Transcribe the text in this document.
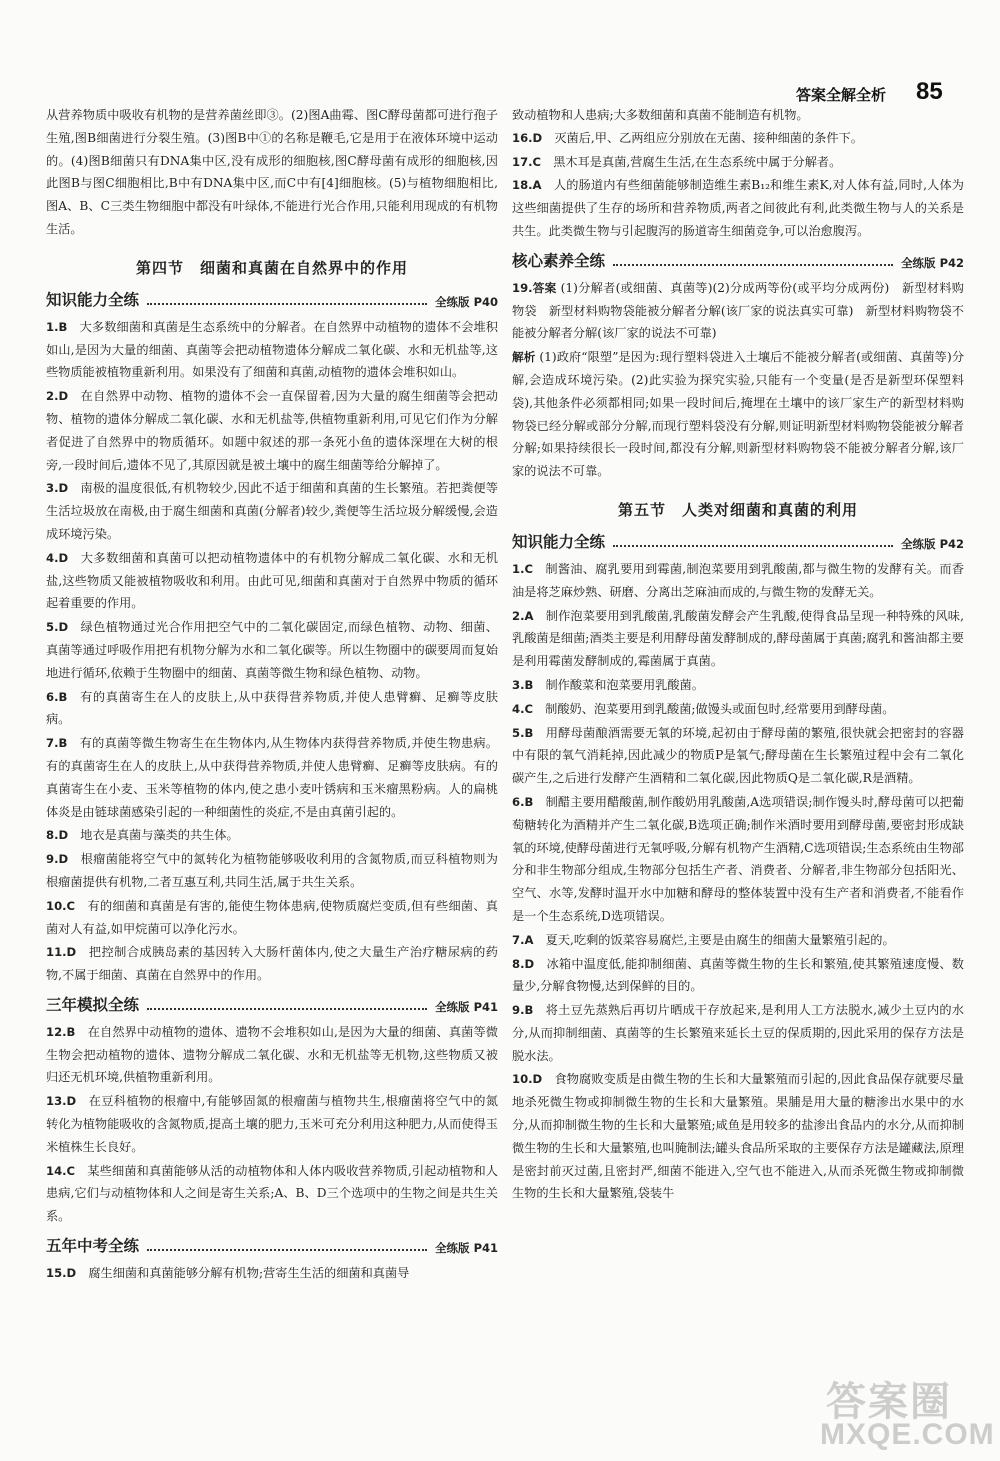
答案全解全析 85

从营养物质中吸收有机物的是营养菌丝即③。(2)图A曲霉、图C酵母菌都可进行孢子生殖,图B细菌进行分裂生殖。(3)图B中①的名称是鞭毛,它是用于在液体环境中运动的。(4)图B细菌只有DNA集中区,没有成形的细胞核,图C酵母菌有成形的细胞核,因此图B与图C细胞相比,B中有DNA集中区,而C中有[4]细胞核。(5)与植物细胞相比,图A、B、C三类生物细胞中都没有叶绿体,不能进行光合作用,只能利用现成的有机物生活。

第四节　细菌和真菌在自然界中的作用
知识能力全练	全练版 P40

1.B  大多数细菌和真菌是生态系统中的分解者。在自然界中动植物的遗体不会堆积如山,是因为大量的细菌、真菌等会把动植物遗体分解成二氧化碳、水和无机盐等,这些物质能被植物重新利用。如果没有了细菌和真菌,动植物的遗体会堆积如山。

2.D  在自然界中动物、植物的遗体不会一直保留着,因为大量的腐生细菌等会把动物、植物的遗体分解成二氧化碳、水和无机盐等,供植物重新利用,可见它们作为分解者促进了自然界中的物质循环。如题中叙述的那一条死小鱼的遗体深埋在大树的根旁,一段时间后,遗体不见了,其原因就是被土壤中的腐生细菌等给分解掉了。

3.D  南极的温度很低,有机物较少,因此不适于细菌和真菌的生长繁殖。若把粪便等生活垃圾放在南极,由于腐生细菌和真菌(分解者)较少,粪便等生活垃圾分解缓慢,会造成环境污染。

4.D  大多数细菌和真菌可以把动植物遗体中的有机物分解成二氧化碳、水和无机盐,这些物质又能被植物吸收和利用。由此可见,细菌和真菌对于自然界中物质的循环起着重要的作用。

5.D  绿色植物通过光合作用把空气中的二氧化碳固定,而绿色植物、动物、细菌、真菌等通过呼吸作用把有机物分解为水和二氧化碳等。所以生物圈中的碳要周而复始地进行循环,依赖于生物圈中的细菌、真菌等微生物和绿色植物、动物。

6.B  有的真菌寄生在人的皮肤上,从中获得营养物质,并使人患臂癣、足癣等皮肤病。

7.B  有的真菌等微生物寄生在生物体内,从生物体内获得营养物质,并使生物患病。有的真菌寄生在人的皮肤上,从中获得营养物质,并使人患臂癣、足癣等皮肤病。有的真菌寄生在小麦、玉米等植物的体内,使之患小麦叶锈病和玉米瘤黑粉病。人的扁桃体炎是由链球菌感染引起的一种细菌性的炎症,不是由真菌引起的。

8.D  地衣是真菌与藻类的共生体。

9.D  根瘤菌能将空气中的氮转化为植物能够吸收利用的含氮物质,而豆科植物则为根瘤菌提供有机物,二者互惠互利,共同生活,属于共生关系。

10.C  有的细菌和真菌是有害的,能使生物体患病,使物质腐烂变质,但有些细菌、真菌对人有益,如甲烷菌可以净化污水。

11.D  把控制合成胰岛素的基因转入大肠杆菌体内,使之大量生产治疗糖尿病的药物,不属于细菌、真菌在自然界中的作用。

三年模拟全练	全练版 P41

12.B  在自然界中动植物的遗体、遗物不会堆积如山,是因为大量的细菌、真菌等微生物会把动植物的遗体、遗物分解成二氧化碳、水和无机盐等无机物,这些物质又被归还无机环境,供植物重新利用。

13.D  在豆科植物的根瘤中,有能够固氮的根瘤菌与植物共生,根瘤菌将空气中的氮转化为植物能吸收的含氮物质,提高土壤的肥力,玉米可充分利用这种肥力,从而使得玉米植株生长良好。

14.C  某些细菌和真菌能够从活的动植物体和人体内吸收营养物质,引起动植物和人患病,它们与动植物体和人之间是寄生关系;A、B、D三个选项中的生物之间是共生关系。

五年中考全练	全练版 P41

15.D  腐生细菌和真菌能够分解有机物;营寄生生活的细菌和真菌导

致动植物和人患病;大多数细菌和真菌不能制造有机物。

16.D  灭菌后,甲、乙两组应分别放在无菌、接种细菌的条件下。

17.C  黑木耳是真菌,营腐生生活,在生态系统中属于分解者。

18.A  人的肠道内有些细菌能够制造维生素B₁₂和维生素K,对人体有益,同时,人体为这些细菌提供了生存的场所和营养物质,两者之间彼此有利,此类微生物与人的关系是共生。此类微生物与引起腹泻的肠道寄生细菌竞争,可以治愈腹泻。

核心素养全练	全练版 P42

19.答案 (1)分解者(或细菌、真菌等)(2)分成两等份(或平均分成两份)　新型材料购物袋　新型材料购物袋能被分解者分解(该厂家的说法真实可靠)　新型材料购物袋不能被分解者分解(该厂家的说法不可靠)

解析 (1)政府“限塑”是因为:现行塑料袋进入土壤后不能被分解者(或细菌、真菌等)分解,会造成环境污染。(2)此实验为探究实验,只能有一个变量(是否是新型环保塑料袋),其他条件必须都相同;如果一段时间后,掩埋在土壤中的该厂家生产的新型材料购物袋已经分解或部分分解,而现行塑料袋没有分解,则证明新型材料购物袋能被分解者分解;如果持续很长一段时间,都没有分解,则新型材料购物袋不能被分解者分解,该厂家的说法不可靠。

第五节　人类对细菌和真菌的利用
知识能力全练	全练版 P42

1.C  制酱油、腐乳要用到霉菌,制泡菜要用到乳酸菌,都与微生物的发酵有关。而香油是将芝麻炒熟、研磨、分离出芝麻油而成的,与微生物的发酵无关。

2.A  制作泡菜要用到乳酸菌,乳酸菌发酵会产生乳酸,使得食品呈现一种特殊的风味,乳酸菌是细菌;酒类主要是利用酵母菌发酵制成的,酵母菌属于真菌;腐乳和酱油都主要是利用霉菌发酵制成的,霉菌属于真菌。

3.B  制作酸菜和泡菜要用乳酸菌。

4.C  制酸奶、泡菜要用到乳酸菌;做馒头或面包时,经常要用到酵母菌。

5.B  用酵母菌酿酒需要无氧的环境,起初由于酵母菌的繁殖,很快就会把密封的容器中有限的氧气消耗掉,因此减少的物质P是氧气;酵母菌在生长繁殖过程中会有二氧化碳产生,之后进行发酵产生酒精和二氧化碳,因此物质Q是二氧化碳,R是酒精。

6.B  制醋主要用醋酸菌,制作酸奶用乳酸菌,A选项错误;制作馒头时,酵母菌可以把葡萄糖转化为酒精并产生二氧化碳,B选项正确;制作米酒时要用到酵母菌,要密封形成缺氧的环境,使酵母菌进行无氧呼吸,分解有机物产生酒精,C选项错误;生态系统由生物部分和非生物部分组成,生物部分包括生产者、消费者、分解者,非生物部分包括阳光、空气、水等,发酵时温开水中加糖和酵母的整体装置中没有生产者和消费者,不能看作是一个生态系统,D选项错误。

7.A  夏天,吃剩的饭菜容易腐烂,主要是由腐生的细菌大量繁殖引起的。

8.D  冰箱中温度低,能抑制细菌、真菌等微生物的生长和繁殖,使其繁殖速度慢、数量少,分解食物慢,达到保鲜的目的。

9.B  将土豆先蒸熟后再切片晒成干存放起来,是利用人工方法脱水,减少土豆内的水分,从而抑制细菌、真菌等的生长繁殖来延长土豆的保质期的,因此采用的保存方法是脱水法。

10.D  食物腐败变质是由微生物的生长和大量繁殖而引起的,因此食品保存就要尽量地杀死微生物或抑制微生物的生长和大量繁殖。果脯是用大量的糖渗出水果中的水分,从而抑制微生物的生长和大量繁殖;咸鱼是用较多的盐渗出食品内的水分,从而抑制微生物的生长和大量繁殖,也叫腌制法;罐头食品所采取的主要保存方法是罐藏法,原理是密封前灭过菌,且密封严,细菌不能进入,空气也不能进入,从而杀死微生物或抑制微生物的生长和大量繁殖,袋装牛

答案圈
MXQE.COM
